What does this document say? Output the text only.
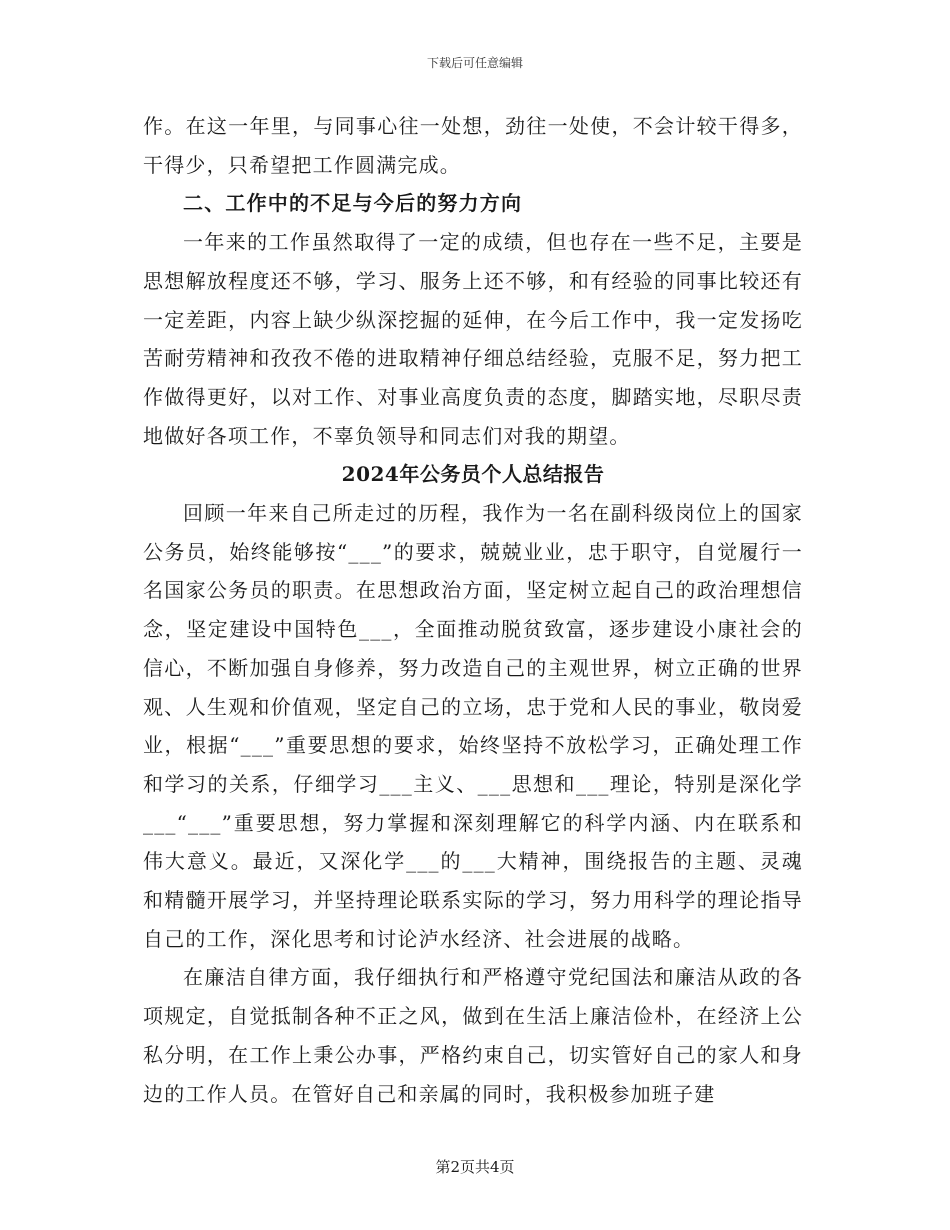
下载后可任意编辑

作。在这一年里，与同事心往一处想，劲往一处使，不会计较干得多，干得少，只希望把工作圆满完成。

二、工作中的不足与今后的努力方向

一年来的工作虽然取得了一定的成绩，但也存在一些不足，主要是思想解放程度还不够，学习、服务上还不够，和有经验的同事比较还有一定差距，内容上缺少纵深挖掘的延伸，在今后工作中，我一定发扬吃苦耐劳精神和孜孜不倦的进取精神仔细总结经验，克服不足，努力把工作做得更好，以对工作、对事业高度负责的态度，脚踏实地，尽职尽责地做好各项工作，不辜负领导和同志们对我的期望。

2024年公务员个人总结报告

回顾一年来自己所走过的历程，我作为一名在副科级岗位上的国家公务员，始终能够按“___”的要求，兢兢业业，忠于职守，自觉履行一名国家公务员的职责。在思想政治方面，坚定树立起自己的政治理想信念，坚定建设中国特色___，全面推动脱贫致富，逐步建设小康社会的信心，不断加强自身修养，努力改造自己的主观世界，树立正确的世界观、人生观和价值观，坚定自己的立场，忠于党和人民的事业，敬岗爱业，根据“___”重要思想的要求，始终坚持不放松学习，正确处理工作和学习的关系，仔细学习___主义、___思想和___理论，特别是深化学___“___”重要思想，努力掌握和深刻理解它的科学内涵、内在联系和伟大意义。最近，又深化学___的___大精神，围绕报告的主题、灵魂和精髓开展学习，并坚持理论联系实际的学习，努力用科学的理论指导自己的工作，深化思考和讨论泸水经济、社会进展的战略。

在廉洁自律方面，我仔细执行和严格遵守党纪国法和廉洁从政的各项规定，自觉抵制各种不正之风，做到在生活上廉洁俭朴，在经济上公私分明，在工作上秉公办事，严格约束自己，切实管好自己的家人和身边的工作人员。在管好自己和亲属的同时，我积极参加班子建

第2页共4页
